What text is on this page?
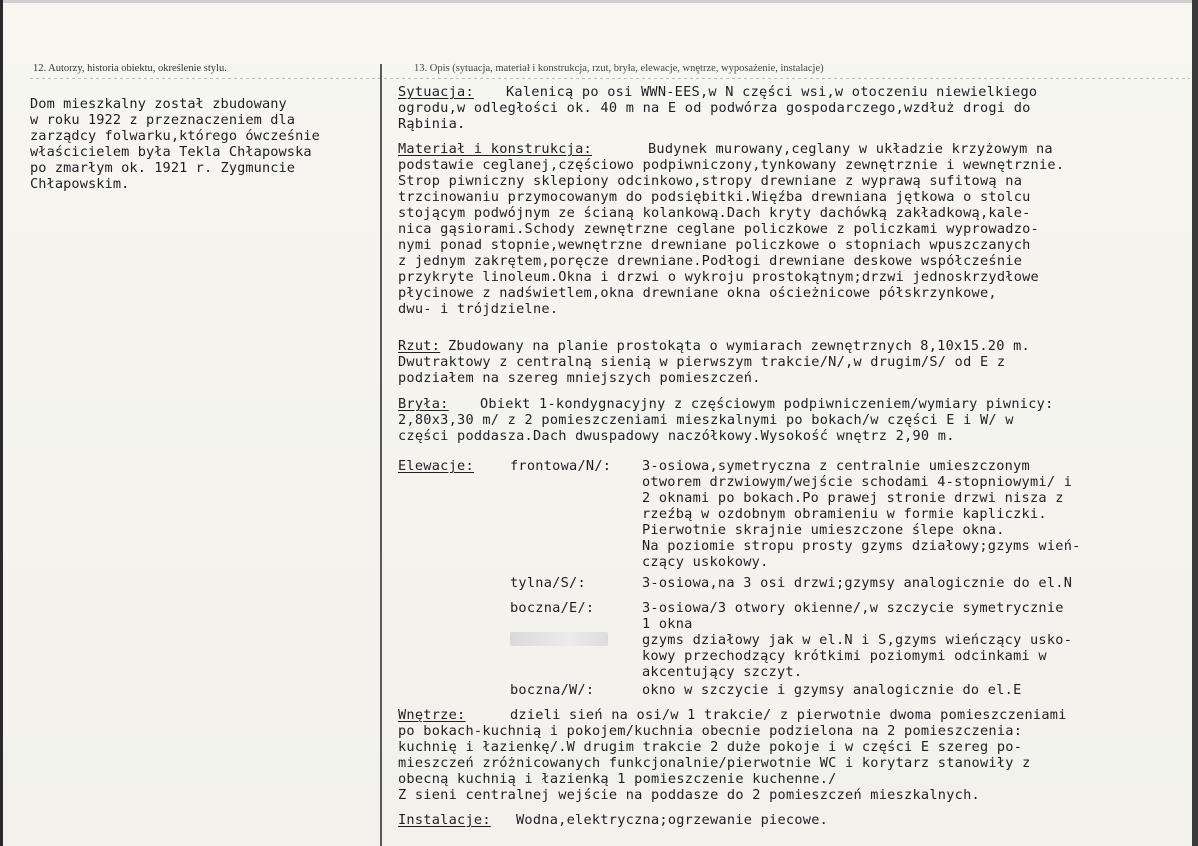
12. Autorzy, historia obiektu, określenie stylu.	13. Opis (sytuacja, materiał i konstrukcja, rzut, bryła, elewacje, wnętrze, wyposażenie, instalacje)
Dom mieszkalny został zbudowany
w roku 1922 z przeznaczeniem dla
zarządcy folwarku,którego ówcześnie
właścicielem była Tekla Chłapowska
po zmarłym ok. 1921 r. Zygmuncie
Chłapowskim.
Sytuacja: Kalenicą po osi WWN-EES,w N części wsi,w otoczeniu niewielkiego
ogrodu,w odległości ok. 40 m na E od podwórza gospodarczego,wzdłuż drogi do
Rąbinia.
Materiał i konstrukcja:	Budynek murowany,ceglany w układzie krzyżowym na
podstawie ceglanej,częściowo podpiwniczony,tynkowany zewnętrznie i wewnętrznie.
Strop piwniczny sklepiony odcinkowo,stropy drewniane z wyprawą sufitową na
trzcinowaniu przymocowanym do podsiębitki.Więźba drewniana jętkowa o stolcu
stojącym podwójnym ze ścianą kolankową.Dach kryty dachówką zakładkową,kale-
nica gąsiorami.Schody zewnętrzne ceglane policzkowe z policzkami wyprowadzo-
nymi ponad stopnie,wewnętrzne drewniane policzkowe o stopniach wpuszczanych
z jednym zakrętem,poręcze drewniane.Podłogi drewniane deskowe współcześnie
przykryte linoleum.Okna i drzwi o wykroju prostokątnym;drzwi jednoskrzydłowe
płycinowe z nadświetlem,okna drewniane okna ościeżnicowe półskrzynkowe,
dwu- i trójdzielne.
Rzut: Zbudowany na planie prostokąta o wymiarach zewnętrznych 8,10x15.20 m.
Dwutraktowy z centralną sienią w pierwszym trakcie/N/,w drugim/S/ od E z
podziałem na szereg mniejszych pomieszczeń.
Bryła: Obiekt 1-kondygnacyjny z częściowym podpiwniczeniem/wymiary piwnicy:
2,80x3,30 m/ z 2 pomieszczeniami mieszkalnymi po bokach/w części E i W/ w
części poddasza.Dach dwuspadowy naczółkowy.Wysokość wnętrz 2,90 m.
Elewacje:	frontowa/N/: 3-osiowa,symetryczna z centralnie umieszczonym
otworem drzwiowym/wejście schodami 4-stopniowymi/ i
2 oknami po bokach.Po prawej stronie drzwi nisza z
rzeźbą w ozdobnym obramieniu w formie kapliczki.
Pierwotnie skrajnie umieszczone ślepe okna.
Na poziomie stropu prosty gzyms działowy;gzyms wień-
czący uskokowy.
tylna/S/:	3-osiowa,na 3 osi drzwi;gzymsy analogicznie do el.N
boczna/E/:	3-osiowa/3 otwory okienne/,w szczycie symetrycznie
1 okna
gzyms działowy jak w el.N i S,gzyms wieńczący usko-
kowy przechodzący krótkimi poziomymi odcinkami w
akcentujący szczyt.
boczna/W/:	okno w szczycie i gzymsy analogicznie do el.E
Wnętrze:	dzieli sień na osi/w 1 trakcie/ z pierwotnie dwoma pomieszczeniami
po bokach-kuchnią i pokojem/kuchnia obecnie podzielona na 2 pomieszczenia:
kuchnię i łazienkę/.W drugim trakcie 2 duże pokoje i w części E szereg po-
mieszczeń zróżnicowanych funkcjonalnie/pierwotnie WC i korytarz stanowiły z
obecną kuchnią i łazienką 1 pomieszczenie kuchenne./
Z sieni centralnej wejście na poddasze do 2 pomieszczeń mieszkalnych.
Instalacje: Wodna,elektryczna;ogrzewanie piecowe.
